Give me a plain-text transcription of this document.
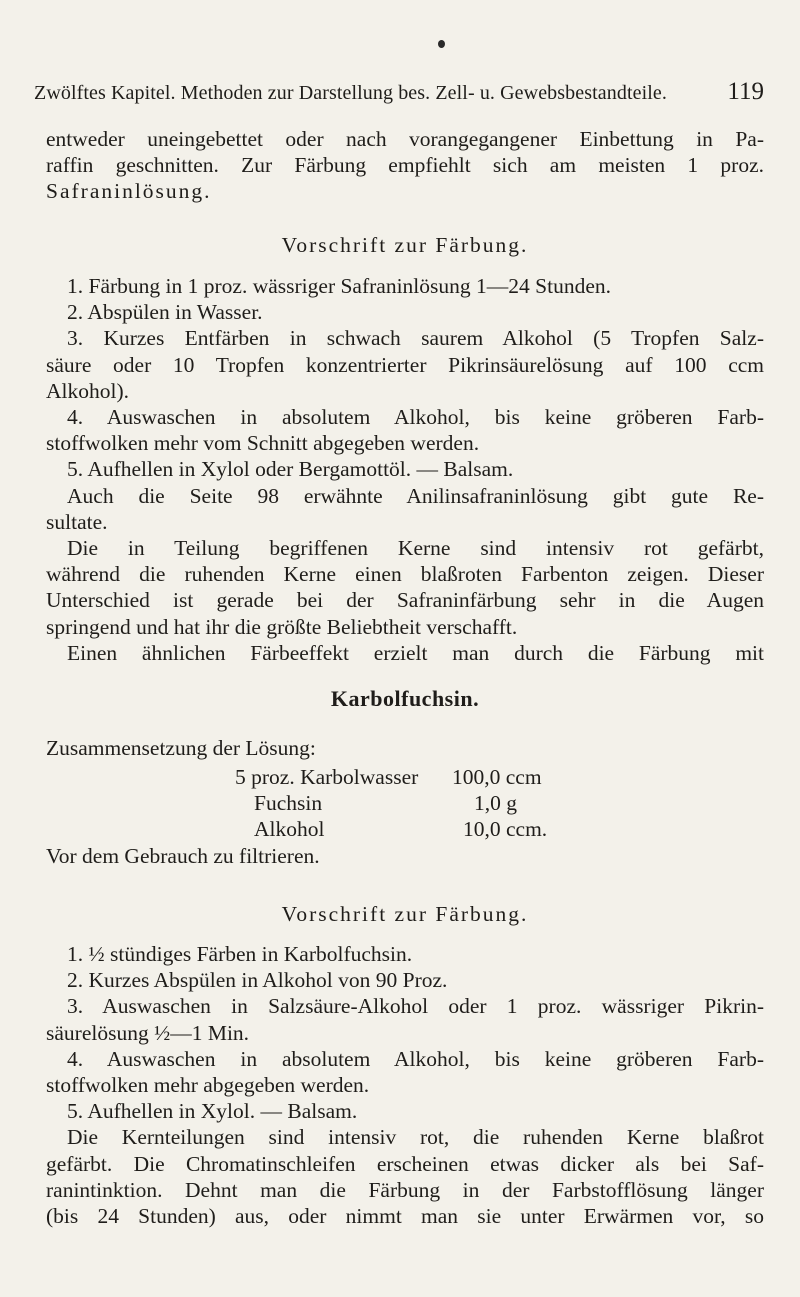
Zwölftes Kapitel. Methoden zur Darstellung bes. Zell- u. Gewebsbestandteile. 119
entweder uneingebettet oder nach vorangegangener Einbettung in Pa-
raffin geschnitten. Zur Färbung empfiehlt sich am meisten 1 proz.
Safraninlösung.
Vorschrift zur Färbung.
1. Färbung in 1 proz. wässriger Safraninlösung 1—24 Stunden.
2. Abspülen in Wasser.
3. Kurzes Entfärben in schwach saurem Alkohol (5 Tropfen Salz-
säure oder 10 Tropfen konzentrierter Pikrinsäurelösung auf 100 ccm
Alkohol).
4. Auswaschen in absolutem Alkohol, bis keine gröberen Farb-
stoffwolken mehr vom Schnitt abgegeben werden.
5. Aufhellen in Xylol oder Bergamottöl. — Balsam.
Auch die Seite 98 erwähnte Anilinsafraninlösung gibt gute Re-
sultate.
Die in Teilung begriffenen Kerne sind intensiv rot gefärbt,
während die ruhenden Kerne einen blaßroten Farbenton zeigen. Dieser
Unterschied ist gerade bei der Safraninfärbung sehr in die Augen
springend und hat ihr die größte Beliebtheit verschafft.
Einen ähnlichen Färbeeffekt erzielt man durch die Färbung mit
Karbolfuchsin.
Zusammensetzung der Lösung:
5 proz. Karbolwasser 100,0 ccm
Fuchsin	1,0 g
Alkohol	10,0 ccm.
Vor dem Gebrauch zu filtrieren.
Vorschrift zur Färbung.
1. ½ stündiges Färben in Karbolfuchsin.
2. Kurzes Abspülen in Alkohol von 90 Proz.
3. Auswaschen in Salzsäure-Alkohol oder 1 proz. wässriger Pikrin-
säurelösung ½—1 Min.
4. Auswaschen in absolutem Alkohol, bis keine gröberen Farb-
stoffwolken mehr abgegeben werden.
5. Aufhellen in Xylol. — Balsam.
Die Kernteilungen sind intensiv rot, die ruhenden Kerne blaßrot
gefärbt. Die Chromatinschleifen erscheinen etwas dicker als bei Saf-
ranintinktion. Dehnt man die Färbung in der Farbstofflösung länger
(bis 24 Stunden) aus, oder nimmt man sie unter Erwärmen vor, so
